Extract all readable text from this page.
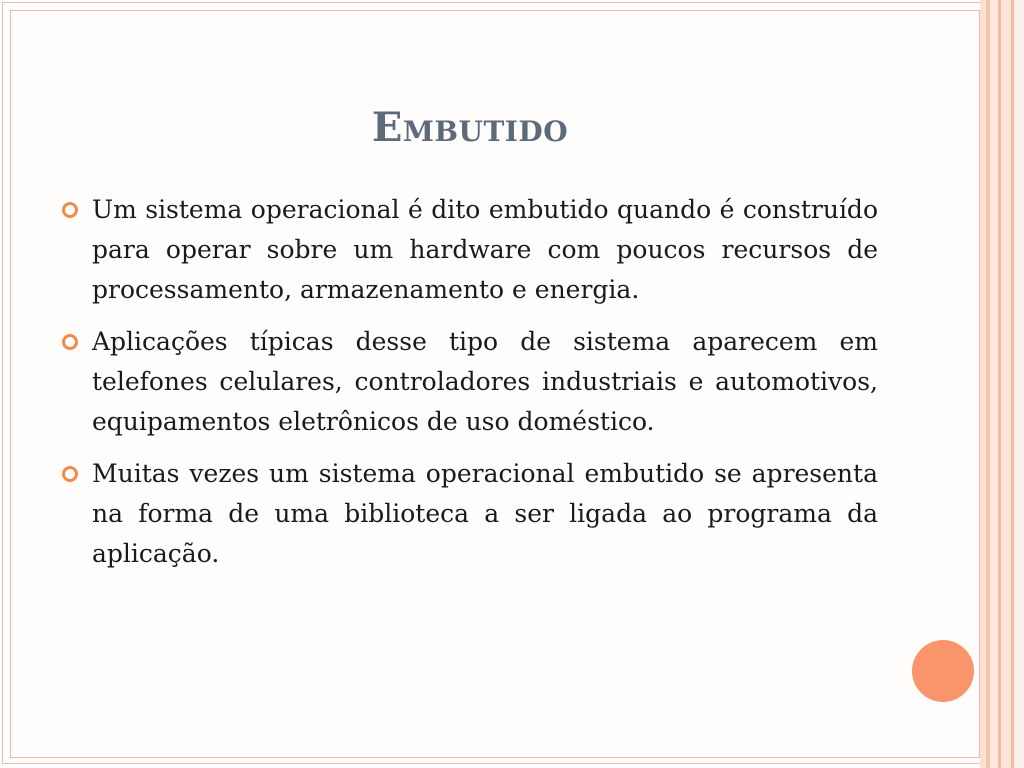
Embutido
Um sistema operacional é dito embutido quando é construído para operar sobre um hardware com poucos recursos de processamento, armazenamento e energia.
Aplicações típicas desse tipo de sistema aparecem em telefones celulares, controladores industriais e automotivos, equipamentos eletrônicos de uso doméstico.
Muitas vezes um sistema operacional embutido se apresenta na forma de uma biblioteca a ser ligada ao programa da aplicação.
